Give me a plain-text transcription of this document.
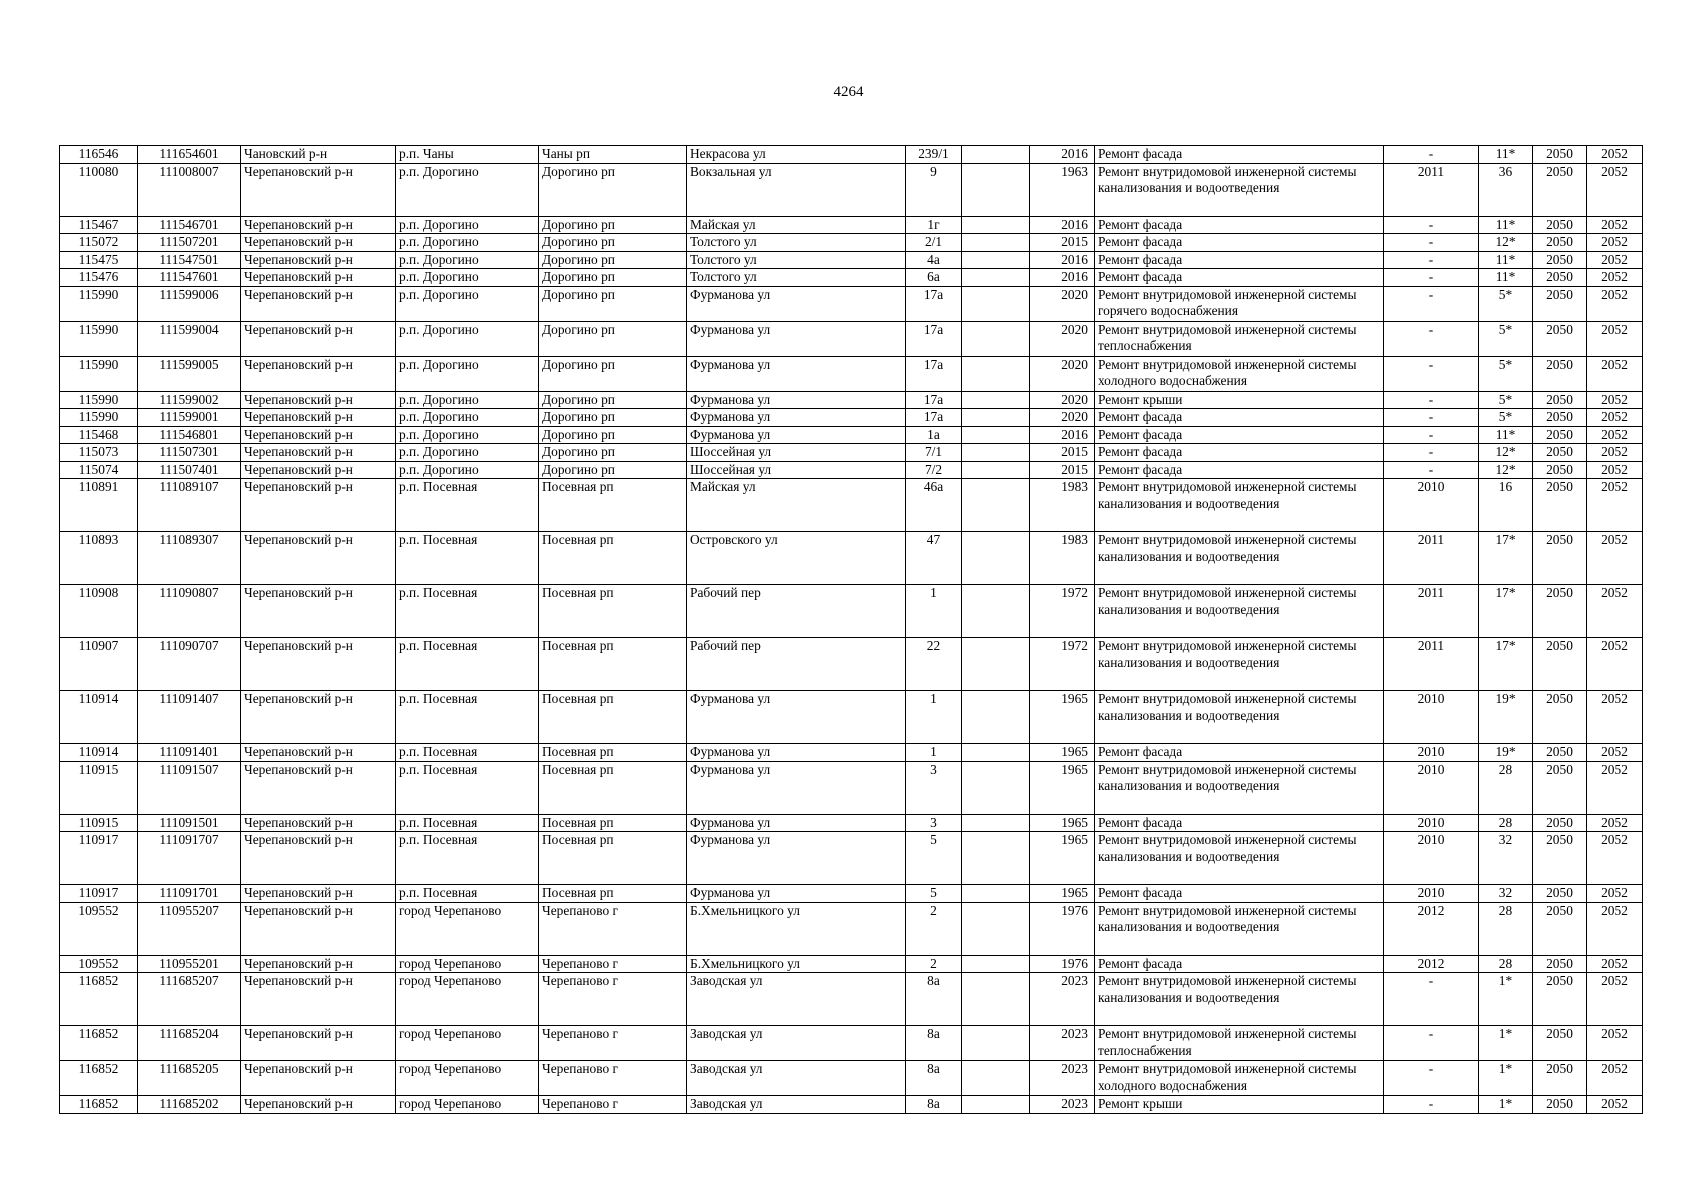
4264
116546	111654601	Чановский р-н	р.п. Чаны	Чаны рп	Некрасова ул	239/1		2016	Ремонт фасада	-	11*	2050	2052
110080	111008007	Черепановский р-н	р.п. Дорогино	Дорогино рп	Вокзальная ул	9		1963	Ремонт внутридомовой инженерной системы канализования и водоотведения	2011	36	2050	2052
115467	111546701	Черепановский р-н	р.п. Дорогино	Дорогино рп	Майская ул	1г		2016	Ремонт фасада	-	11*	2050	2052
115072	111507201	Черепановский р-н	р.п. Дорогино	Дорогино рп	Толстого ул	2/1		2015	Ремонт фасада	-	12*	2050	2052
115475	111547501	Черепановский р-н	р.п. Дорогино	Дорогино рп	Толстого ул	4а		2016	Ремонт фасада	-	11*	2050	2052
115476	111547601	Черепановский р-н	р.п. Дорогино	Дорогино рп	Толстого ул	6а		2016	Ремонт фасада	-	11*	2050	2052
115990	111599006	Черепановский р-н	р.п. Дорогино	Дорогино рп	Фурманова ул	17а		2020	Ремонт внутридомовой инженерной системы горячего водоснабжения	-	5*	2050	2052
115990	111599004	Черепановский р-н	р.п. Дорогино	Дорогино рп	Фурманова ул	17а		2020	Ремонт внутридомовой инженерной системы теплоснабжения	-	5*	2050	2052
115990	111599005	Черепановский р-н	р.п. Дорогино	Дорогино рп	Фурманова ул	17а		2020	Ремонт внутридомовой инженерной системы холодного водоснабжения	-	5*	2050	2052
115990	111599002	Черепановский р-н	р.п. Дорогино	Дорогино рп	Фурманова ул	17а		2020	Ремонт крыши	-	5*	2050	2052
115990	111599001	Черепановский р-н	р.п. Дорогино	Дорогино рп	Фурманова ул	17а		2020	Ремонт фасада	-	5*	2050	2052
115468	111546801	Черепановский р-н	р.п. Дорогино	Дорогино рп	Фурманова ул	1а		2016	Ремонт фасада	-	11*	2050	2052
115073	111507301	Черепановский р-н	р.п. Дорогино	Дорогино рп	Шоссейная ул	7/1		2015	Ремонт фасада	-	12*	2050	2052
115074	111507401	Черепановский р-н	р.п. Дорогино	Дорогино рп	Шоссейная ул	7/2		2015	Ремонт фасада	-	12*	2050	2052
110891	111089107	Черепановский р-н	р.п. Посевная	Посевная рп	Майская ул	46а		1983	Ремонт внутридомовой инженерной системы канализования и водоотведения	2010	16	2050	2052
110893	111089307	Черепановский р-н	р.п. Посевная	Посевная рп	Островского ул	47		1983	Ремонт внутридомовой инженерной системы канализования и водоотведения	2011	17*	2050	2052
110908	111090807	Черепановский р-н	р.п. Посевная	Посевная рп	Рабочий пер	1		1972	Ремонт внутридомовой инженерной системы канализования и водоотведения	2011	17*	2050	2052
110907	111090707	Черепановский р-н	р.п. Посевная	Посевная рп	Рабочий пер	22		1972	Ремонт внутридомовой инженерной системы канализования и водоотведения	2011	17*	2050	2052
110914	111091407	Черепановский р-н	р.п. Посевная	Посевная рп	Фурманова ул	1		1965	Ремонт внутридомовой инженерной системы канализования и водоотведения	2010	19*	2050	2052
110914	111091401	Черепановский р-н	р.п. Посевная	Посевная рп	Фурманова ул	1		1965	Ремонт фасада	2010	19*	2050	2052
110915	111091507	Черепановский р-н	р.п. Посевная	Посевная рп	Фурманова ул	3		1965	Ремонт внутридомовой инженерной системы канализования и водоотведения	2010	28	2050	2052
110915	111091501	Черепановский р-н	р.п. Посевная	Посевная рп	Фурманова ул	3		1965	Ремонт фасада	2010	28	2050	2052
110917	111091707	Черепановский р-н	р.п. Посевная	Посевная рп	Фурманова ул	5		1965	Ремонт внутридомовой инженерной системы канализования и водоотведения	2010	32	2050	2052
110917	111091701	Черепановский р-н	р.п. Посевная	Посевная рп	Фурманова ул	5		1965	Ремонт фасада	2010	32	2050	2052
109552	110955207	Черепановский р-н	город Черепаново	Черепаново г	Б.Хмельницкого ул	2		1976	Ремонт внутридомовой инженерной системы канализования и водоотведения	2012	28	2050	2052
109552	110955201	Черепановский р-н	город Черепаново	Черепаново г	Б.Хмельницкого ул	2		1976	Ремонт фасада	2012	28	2050	2052
116852	111685207	Черепановский р-н	город Черепаново	Черепаново г	Заводская ул	8а		2023	Ремонт внутридомовой инженерной системы канализования и водоотведения	-	1*	2050	2052
116852	111685204	Черепановский р-н	город Черепаново	Черепаново г	Заводская ул	8а		2023	Ремонт внутридомовой инженерной системы теплоснабжения	-	1*	2050	2052
116852	111685205	Черепановский р-н	город Черепаново	Черепаново г	Заводская ул	8а		2023	Ремонт внутридомовой инженерной системы холодного водоснабжения	-	1*	2050	2052
116852	111685202	Черепановский р-н	город Черепаново	Черепаново г	Заводская ул	8а		2023	Ремонт крыши	-	1*	2050	2052
